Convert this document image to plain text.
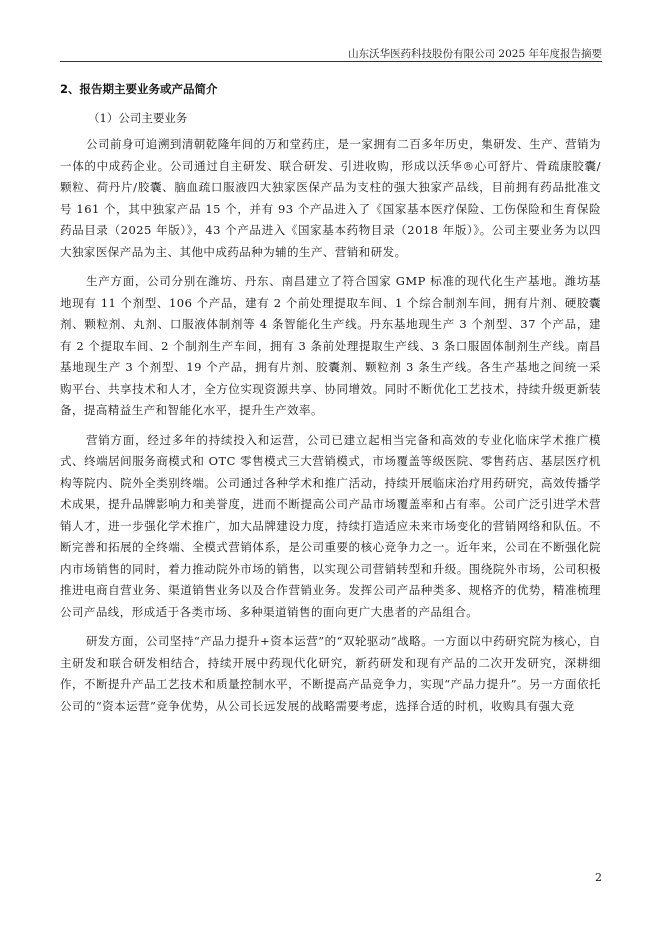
山东沃华医药科技股份有限公司 2025 年年度报告摘要
2、报告期主要业务或产品简介
（1）公司主要业务

公司前身可追溯到清朝乾隆年间的万和堂药庄，是一家拥有二百多年历史，集研发、生产、营销为一体的中成药企业。公司通过自主研发、联合研发、引进收购，形成以沃华®心可舒片、骨疏康胶囊/颗粒、荷丹片/胶囊、脑血疏口服液四大独家医保产品为支柱的强大独家产品线，目前拥有药品批准文号 161 个，其中独家产品 15 个，并有 93 个产品进入了《国家基本医疗保险、工伤保险和生育保险药品目录（2025 年版）》，43 个产品进入《国家基本药物目录（2018 年版）》。公司主要业务为以四大独家医保产品为主、其他中成药品种为辅的生产、营销和研发。

生产方面，公司分别在潍坊、丹东、南昌建立了符合国家 GMP 标准的现代化生产基地。潍坊基地现有 11 个剂型、106 个产品，建有 2 个前处理提取车间、1 个综合制剂车间，拥有片剂、硬胶囊剂、颗粒剂、丸剂、口服液体制剂等 4 条智能化生产线。丹东基地现生产 3 个剂型、37 个产品，建有 2 个提取车间、2 个制剂生产车间，拥有 3 条前处理提取生产线、3 条口服固体制剂生产线。南昌基地现生产 3 个剂型、19 个产品，拥有片剂、胶囊剂、颗粒剂 3 条生产线。各生产基地之间统一采购平台、共享技术和人才，全方位实现资源共享、协同增效。同时不断优化工艺技术，持续升级更新装备，提高精益生产和智能化水平，提升生产效率。

营销方面，经过多年的持续投入和运营，公司已建立起相当完备和高效的专业化临床学术推广模式、终端居间服务商模式和 OTC 零售模式三大营销模式，市场覆盖等级医院、零售药店、基层医疗机构等院内、院外全类别终端。公司通过各种学术和推广活动，持续开展临床治疗用药研究，高效传播学术成果，提升品牌影响力和美誉度，进而不断提高公司产品市场覆盖率和占有率。公司广泛引进学术营销人才，进一步强化学术推广，加大品牌建设力度，持续打造适应未来市场变化的营销网络和队伍。不断完善和拓展的全终端、全模式营销体系，是公司重要的核心竞争力之一。近年来，公司在不断强化院内市场销售的同时，着力推动院外市场的销售，以实现公司营销转型和升级。围绕院外市场，公司积极推进电商自营业务、渠道销售业务以及合作营销业务。发挥公司产品种类多、规格齐的优势，精准梳理公司产品线，形成适于各类市场、多种渠道销售的面向更广大患者的产品组合。

研发方面，公司坚持“产品力提升+资本运营”的“双轮驱动”战略。一方面以中药研究院为核心，自主研发和联合研发相结合，持续开展中药现代化研究，新药研发和现有产品的二次开发研究，深耕细作，不断提升产品工艺技术和质量控制水平，不断提高产品竞争力，实现“产品力提升”。另一方面依托公司的“资本运营”竞争优势，从公司长远发展的战略需要考虑，选择合适的时机，收购具有强大竞

2
